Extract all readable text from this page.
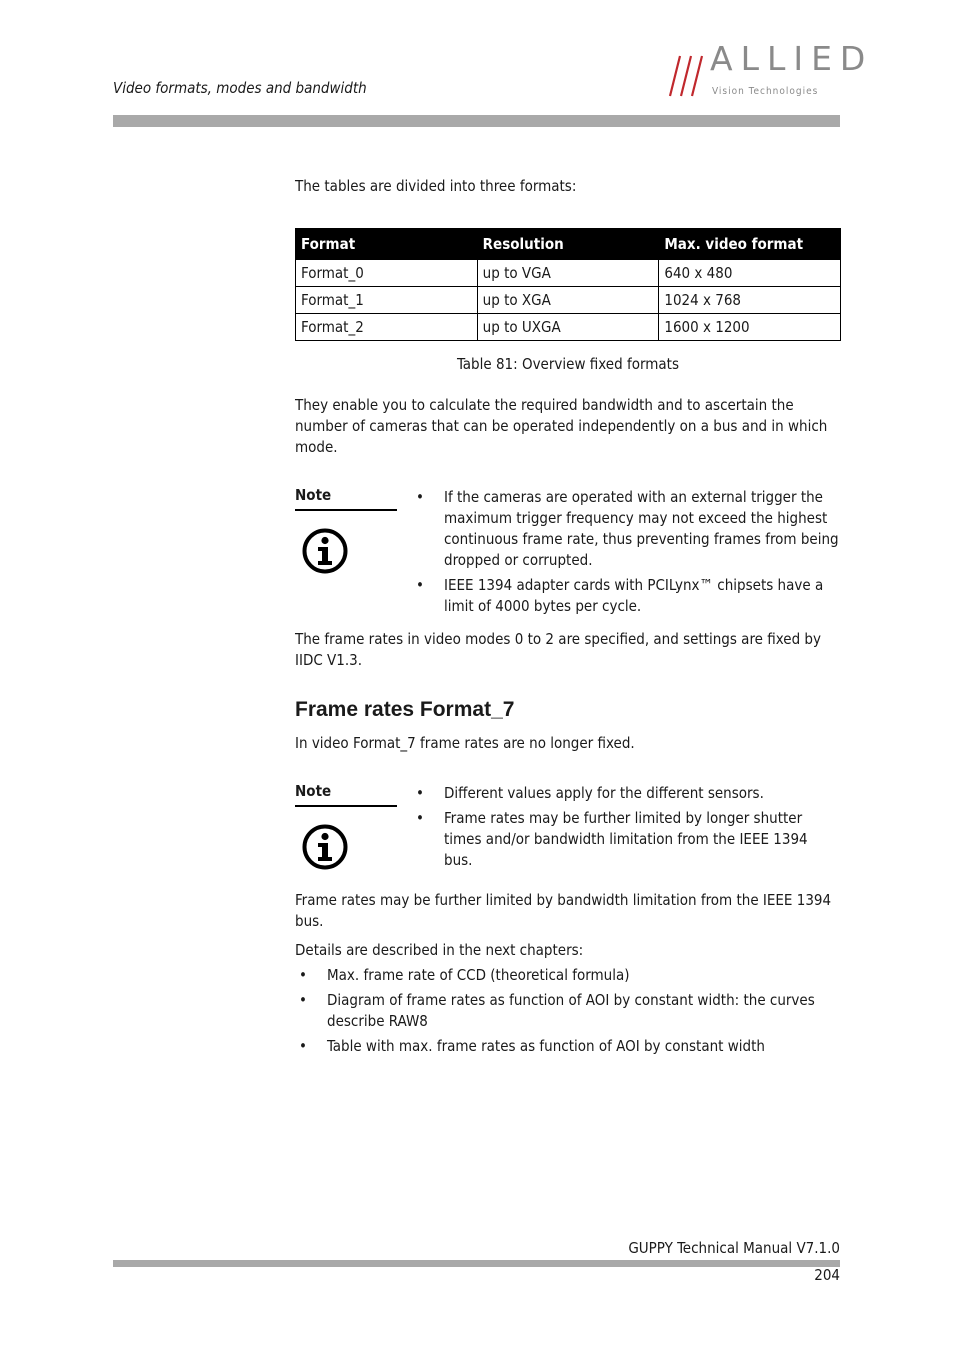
Video formats, modes and bandwidth
ALLIED
Vision Technologies
The tables are divided into three formats:
Format	Resolution	Max. video format
Format_0	up to VGA	640 x 480
Format_1	up to XGA	1024 x 768
Format_2	up to UXGA	1600 x 1200
Table 81: Overview fixed formats
They enable you to calculate the required bandwidth and to ascertain the number of cameras that can be operated independently on a bus and in which mode.
Note	• If the cameras are operated with an external trigger the maximum trigger frequency may not exceed the highest continuous frame rate, thus preventing frames from being dropped or corrupted.
• IEEE 1394 adapter cards with PCILynx™ chipsets have a limit of 4000 bytes per cycle.
The frame rates in video modes 0 to 2 are specified, and settings are fixed by IIDC V1.3.
Frame rates Format_7
In video Format_7 frame rates are no longer fixed.
Note	• Different values apply for the different sensors.
• Frame rates may be further limited by longer shutter times and/or bandwidth limitation from the IEEE 1394 bus.
Frame rates may be further limited by bandwidth limitation from the IEEE 1394 bus.
Details are described in the next chapters:
• Max. frame rate of CCD (theoretical formula)
• Diagram of frame rates as function of AOI by constant width: the curves describe RAW8
• Table with max. frame rates as function of AOI by constant width
GUPPY Technical Manual V7.1.0
204
